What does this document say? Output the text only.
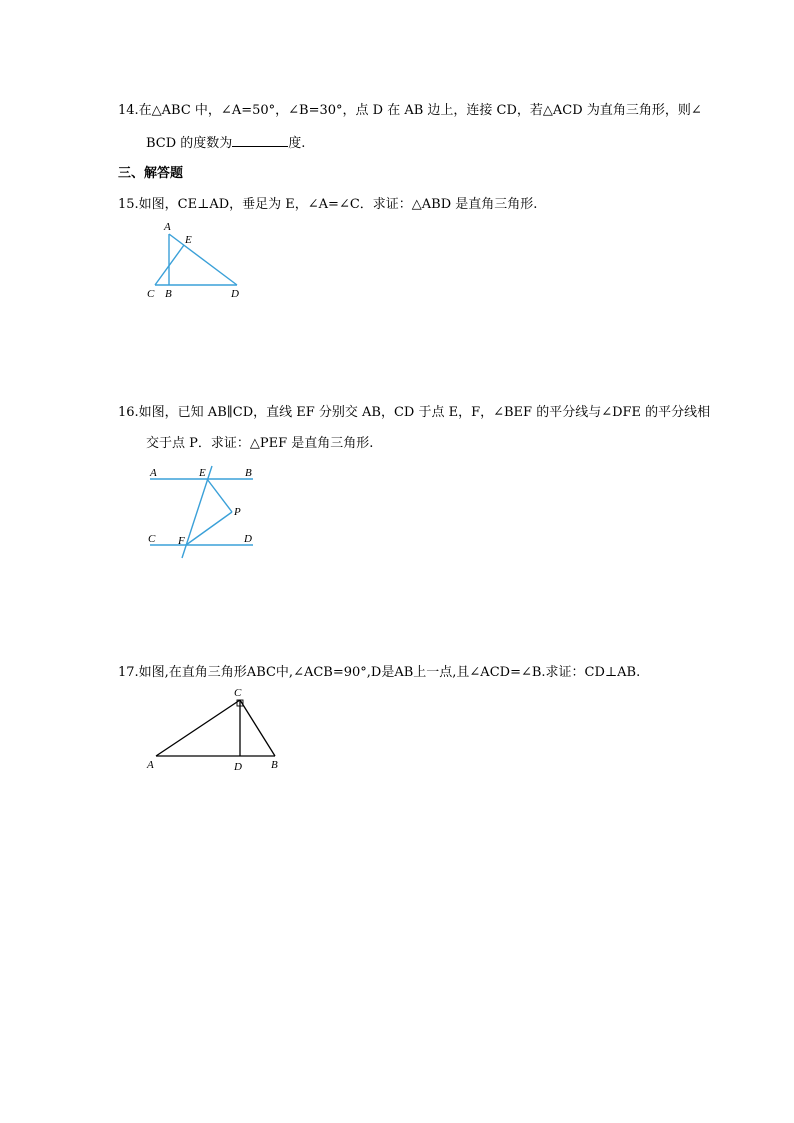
14.在△ABC 中，∠A=50°，∠B=30°，点 D 在 AB 边上，连接 CD，若△ACD 为直角三角形，则∠
BCD 的度数为	度.
三、解答题
15.如图，CE⊥AD，垂足为 E，∠A=∠C．求证：△ABD 是直角三角形.
A
E
C B	D
16.如图，已知 AB∥CD，直线 EF 分别交 AB，CD 于点 E，F，∠BEF 的平分线与∠DFE 的平分线相
交于点 P．求证：△PEF 是直角三角形.
A	E	B
P
C F	D
17.如图,在直角三角形ABC中,∠ACB=90°,D是AB上一点,且∠ACD=∠B.求证：CD⊥AB.
C
A	D	B
